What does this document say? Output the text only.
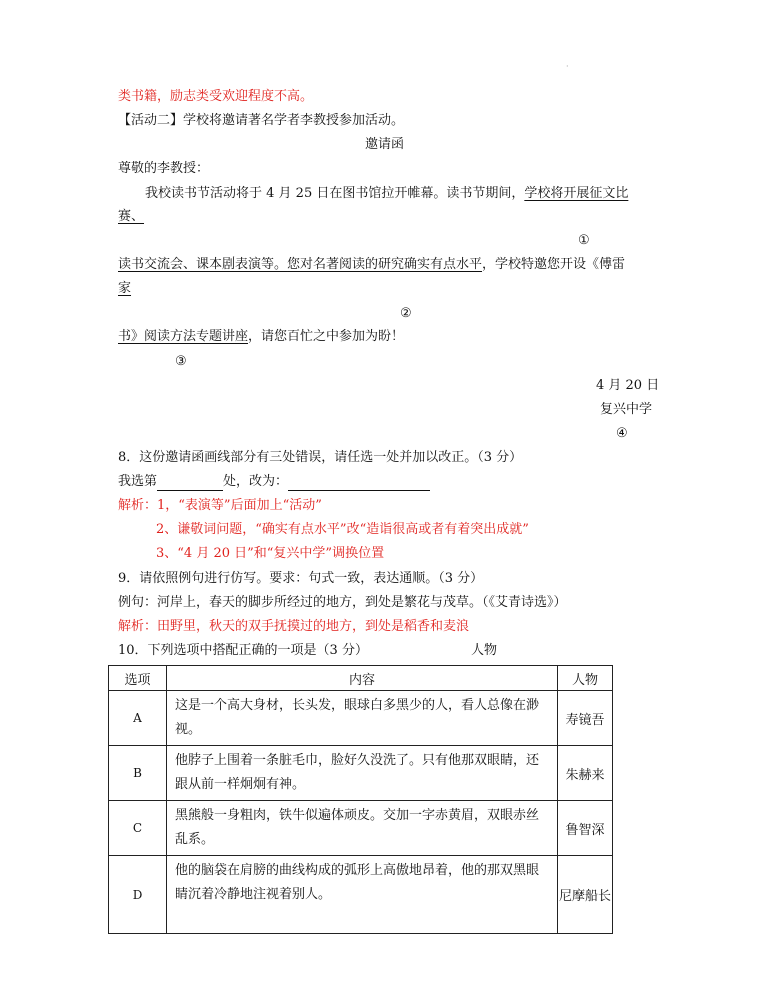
·
类书籍，励志类受欢迎程度不高。
【活动二】学校将邀请著名学者李教授参加活动。
邀请函
尊敬的李教授：
我校读书节活动将于 4 月 25 日在图书馆拉开帷幕。读书节期间，学校将开展征文比
赛、
①
读书交流会、课本剧表演等。您对名著阅读的研究确实有点水平，学校特邀您开设《傅雷
家
②
书》阅读方法专题讲座，请您百忙之中参加为盼！
③
4 月 20 日
复兴中学
④
8．这份邀请函画线部分有三处错误，请任选一处并加以改正。（3 分）
我选第	处，改为：
解析：1，“表演等”后面加上“活动”
2、谦敬词问题，“确实有点水平”改“造诣很高或者有着突出成就”
3、“4 月 20 日”和“复兴中学”调换位置
9．请依照例句进行仿写。要求：句式一致，表达通顺。（3 分）
例句：河岸上，春天的脚步所经过的地方，到处是繁花与茂草。（《艾青诗选》）
解析：田野里，秋天的双手抚摸过的地方，到处是稻香和麦浪
10．下列选项中搭配正确的一项是（3 分）	人物
选项	内容	人物
A	这是一个高大身材，长头发，眼球白多黑少的人，看人总像在渺视。	寿镜吾
B	他脖子上围着一条脏毛巾，脸好久没洗了。只有他那双眼睛，还跟从前一样炯炯有神。	朱赫来
C	黑熊般一身粗肉，铁牛似遍体顽皮。交加一字赤黄眉，双眼赤丝乱系。	鲁智深
D	他的脑袋在肩膀的曲线构成的弧形上高傲地昂着，他的那双黑眼睛沉着冷静地注视着别人。	尼摩船长
